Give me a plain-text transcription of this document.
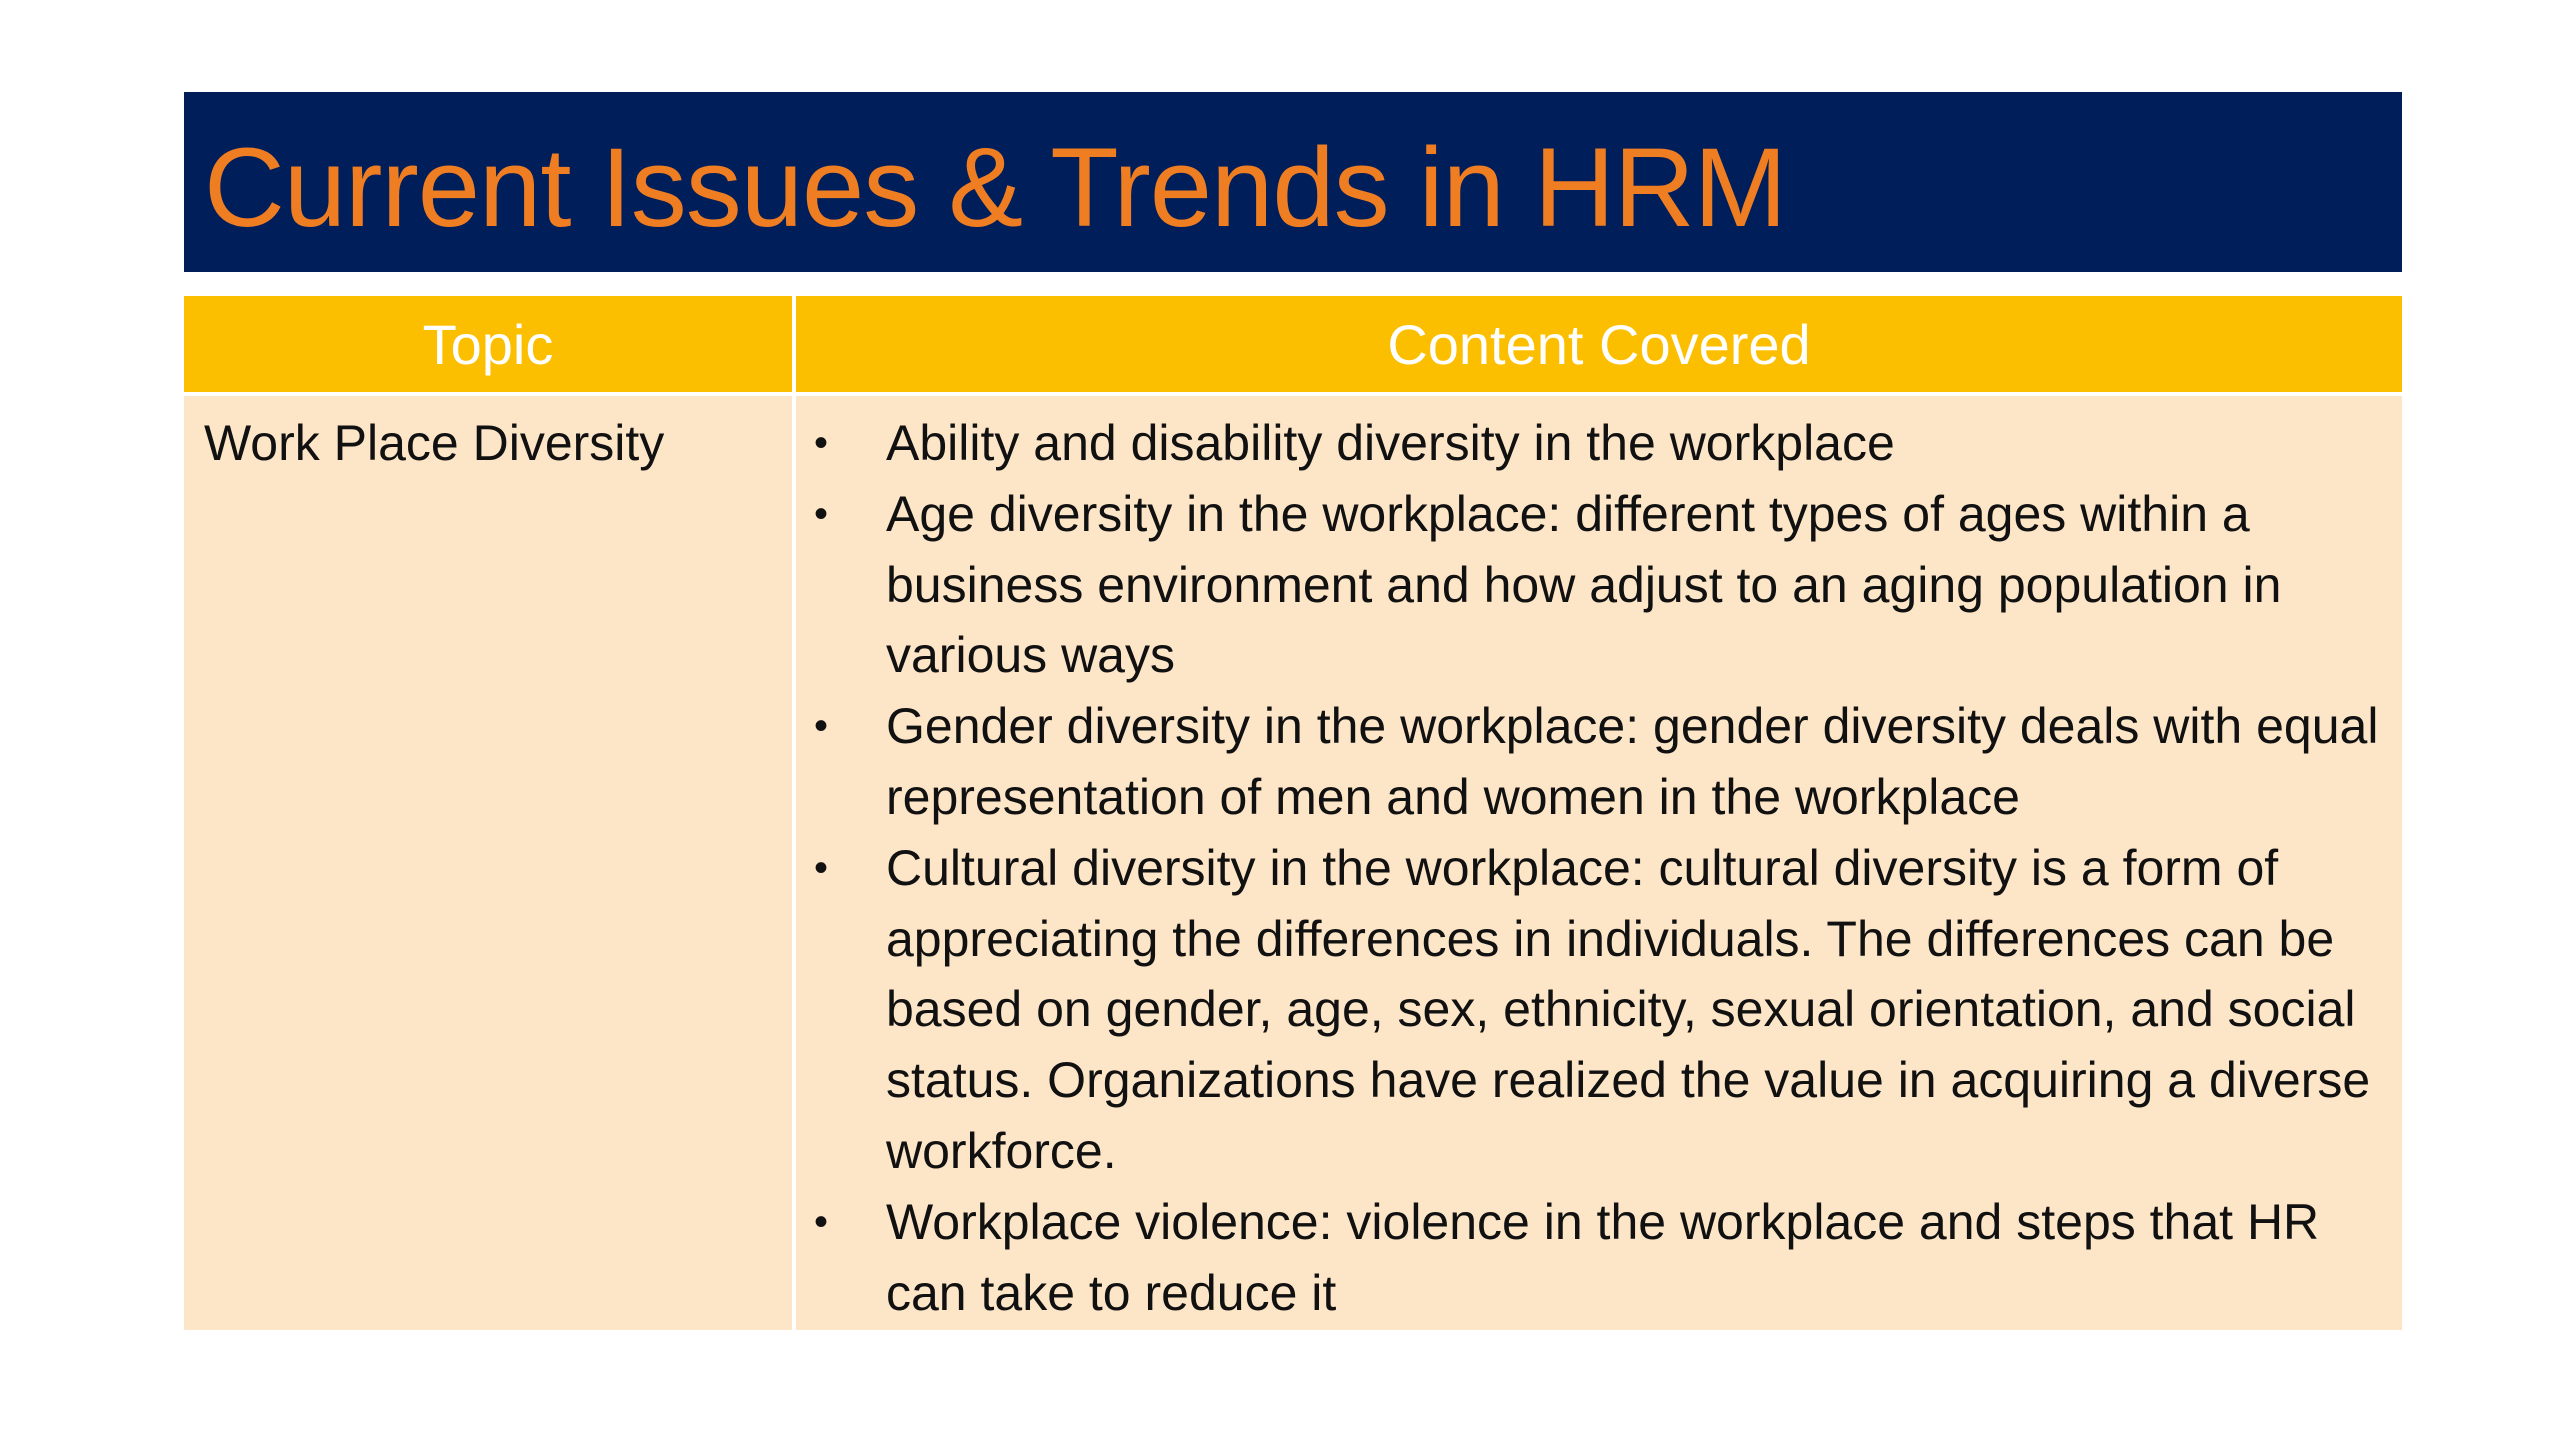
Current Issues & Trends in HRM
Topic	Content Covered
Work Place Diversity	• Ability and disability diversity in the workplace
• Age diversity in the workplace: different types of ages within a business environment and how adjust to an aging population in various ways
• Gender diversity in the workplace: gender diversity deals with equal representation of men and women in the workplace
• Cultural diversity in the workplace: cultural diversity is a form of appreciating the differences in individuals. The differences can be based on gender, age, sex, ethnicity, sexual orientation, and social status. Organizations have realized the value in acquiring a diverse workforce.
• Workplace violence: violence in the workplace and steps that HR can take to reduce it
